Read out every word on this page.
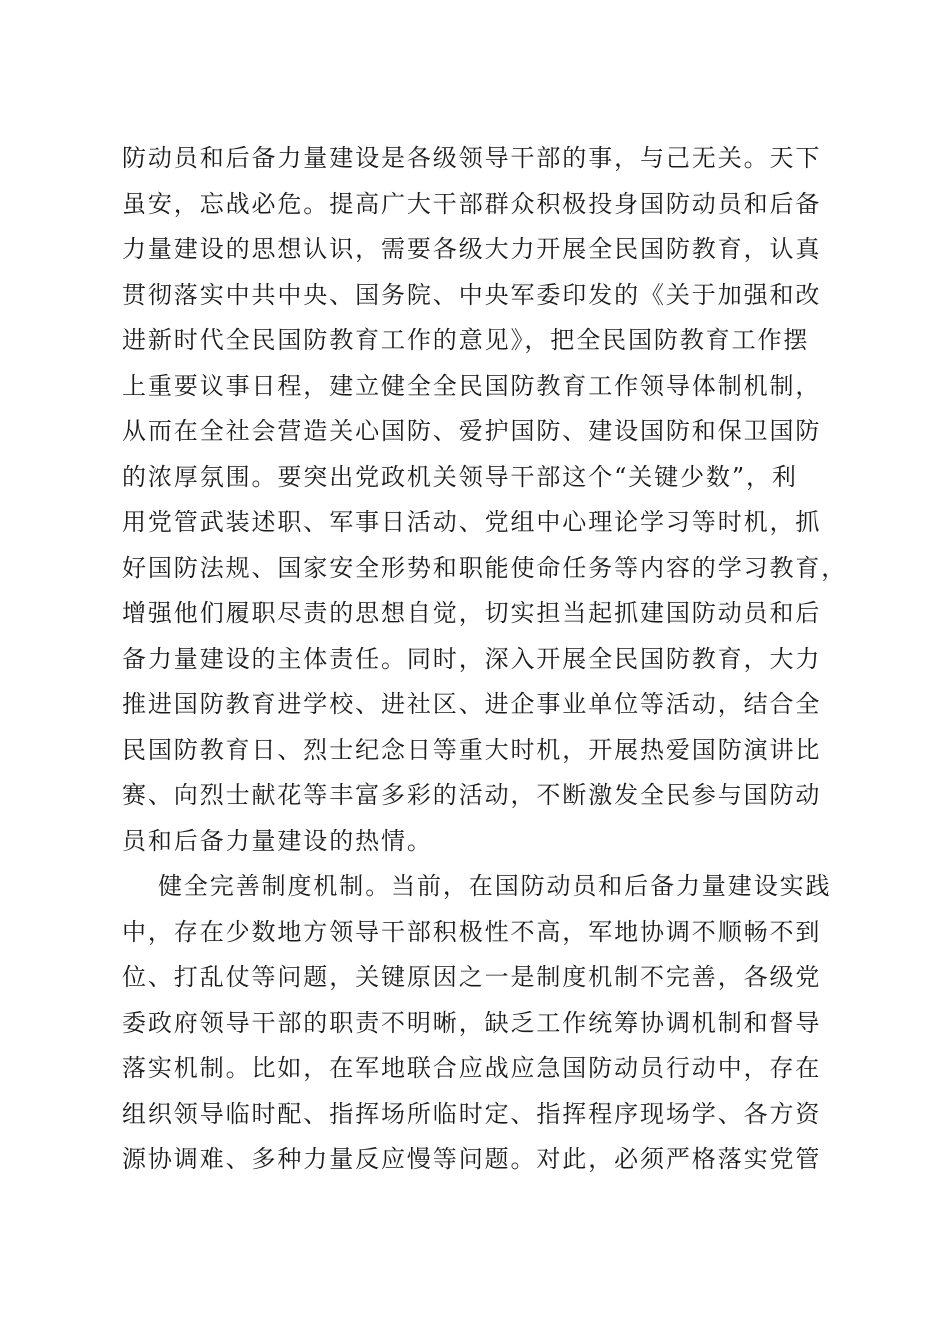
防动员和后备力量建设是各级领导干部的事，与己无关。天下
虽安，忘战必危。提高广大干部群众积极投身国防动员和后备
力量建设的思想认识，需要各级大力开展全民国防教育，认真
贯彻落实中共中央、国务院、中央军委印发的《关于加强和改
进新时代全民国防教育工作的意见》，把全民国防教育工作摆
上重要议事日程，建立健全全民国防教育工作领导体制机制，
从而在全社会营造关心国防、爱护国防、建设国防和保卫国防
的浓厚氛围。要突出党政机关领导干部这个“关键少数”，利
用党管武装述职、军事日活动、党组中心理论学习等时机，抓
好国防法规、国家安全形势和职能使命任务等内容的学习教育，
增强他们履职尽责的思想自觉，切实担当起抓建国防动员和后
备力量建设的主体责任。同时，深入开展全民国防教育，大力
推进国防教育进学校、进社区、进企事业单位等活动，结合全
民国防教育日、烈士纪念日等重大时机，开展热爱国防演讲比
赛、向烈士献花等丰富多彩的活动，不断激发全民参与国防动
员和后备力量建设的热情。
健全完善制度机制。当前，在国防动员和后备力量建设实践
中，存在少数地方领导干部积极性不高，军地协调不顺畅不到
位、打乱仗等问题，关键原因之一是制度机制不完善，各级党
委政府领导干部的职责不明晰，缺乏工作统筹协调机制和督导
落实机制。比如，在军地联合应战应急国防动员行动中，存在
组织领导临时配、指挥场所临时定、指挥程序现场学、各方资
源协调难、多种力量反应慢等问题。对此，必须严格落实党管
